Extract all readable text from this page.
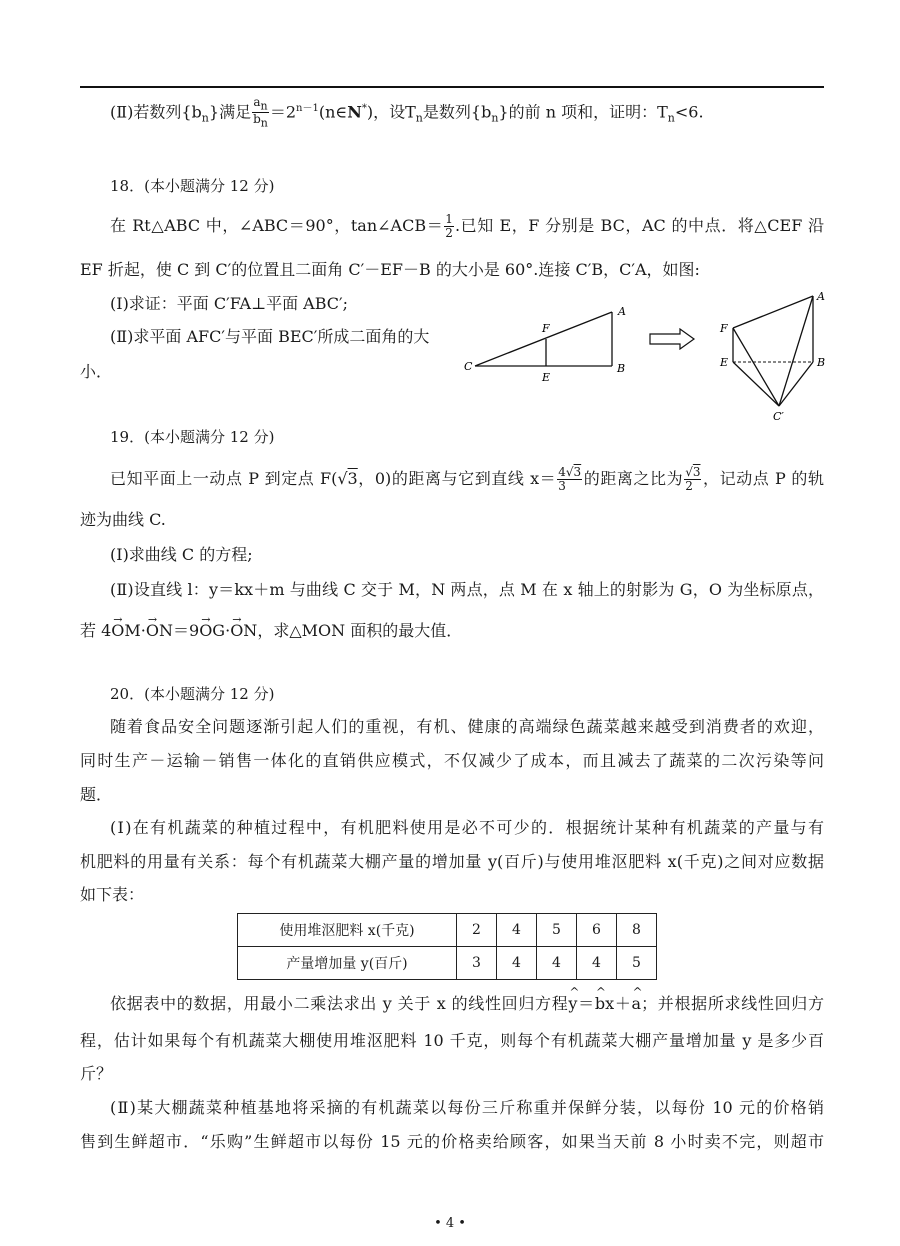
(Ⅱ)若数列$\{b_n\}$满足 $\frac{a_n}{b_n}$ $=2^{n-1}(n\in N^*)$，设$T_n$是数列$\{b_n\}$的前 n 项和，证明：$T_n<6$.
18．(本小题满分 12 分)
在 Rt△ABC 中，∠ABC＝90°，tan∠ACB＝ $\frac{1}{2}$ .已知 E，F 分别是 BC，AC 的中点．将△CEF 沿
EF 折起，使 C 到 C′的位置且二面角 C′－EF－B 的大小是 60°.连接 C′B，C′A，如图:
(Ⅰ)求证：平面 C′FA⊥平面 ABC′;
(Ⅱ)求平面 AFC′与平面 BEC′所成二面角的大
小．	C
A
B
F
E
F
A
E	B
C′
19．(本小题满分 12 分)
已知平面上一动点 P 到定点 F(√3，0)的距离与它到直线 $x= \frac{4√3}{3}$ 的距离之比为 $\frac{√3}{2}$ ，记动点 P 的轨
迹为曲线 C.
(Ⅰ)求曲线 C 的方程;
(Ⅱ)设直线 l：y＝kx＋m 与曲线 C 交于 M，N 两点，点 M 在 x 轴上的射影为 G，O 为坐标原点，
若 4→ OM·→ ON＝9→ OG·→ ON，求△MON 面积的最大值．
20．(本小题满分 12 分)
随着食品安全问题逐渐引起人们的重视，有机、健康的高端绿色蔬菜越来越受到消费者的欢迎，
同时生产－运输－销售一体化的直销供应模式，不仅减少了成本，而且减去了蔬菜的二次污染等问
题．
(Ⅰ)在有机蔬菜的种植过程中，有机肥料使用是必不可少的．根据统计某种有机蔬菜的产量与有
机肥料的用量有关系：每个有机蔬菜大棚产量的增加量 y(百斤)与使用堆沤肥料 x(千克)之间对应数据
如下表：
使用堆沤肥料 x(千克)	2	4	5	6	8
产量增加量 y(百斤)	3	4	4	4	5
依据表中的数据，用最小二乘法求出 y 关于 x 的线性回归方程^ y＝^ bx＋^ a；并根据所求线性回归方
程，估计如果每个有机蔬菜大棚使用堆沤肥料 10 千克，则每个有机蔬菜大棚产量增加量 y 是多少百
斤？
(Ⅱ)某大棚蔬菜种植基地将采摘的有机蔬菜以每份三斤称重并保鲜分装，以每份 10 元的价格销
售到生鲜超市．“乐购”生鲜超市以每份 15 元的价格卖给顾客，如果当天前 8 小时卖不完，则超市
• 4 •
